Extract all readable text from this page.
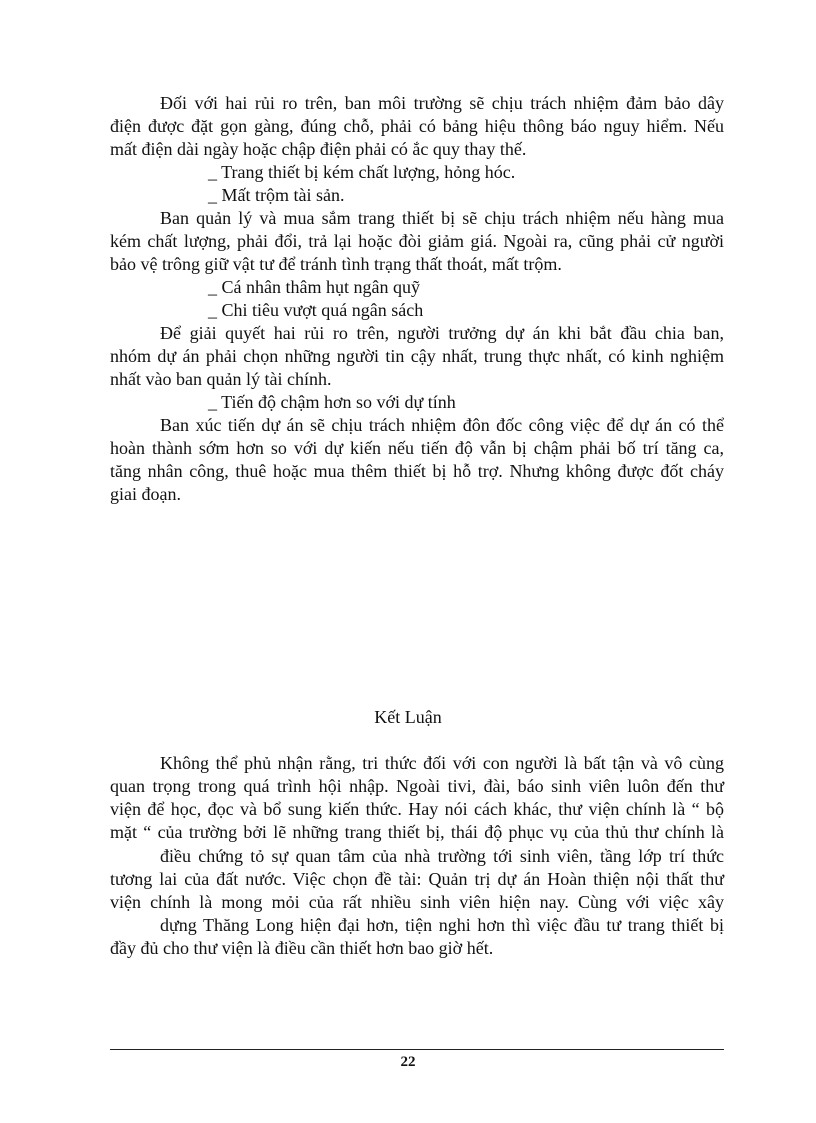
Đối với hai rủi ro trên, ban môi trường sẽ chịu trách nhiệm đảm bảo dây
điện được đặt gọn gàng, đúng chỗ, phải có bảng hiệu thông báo nguy hiểm. Nếu
mất điện dài ngày hoặc chập điện phải có ắc quy thay thế.
_ Trang thiết bị kém chất lượng, hỏng hóc.
_ Mất trộm tài sản.
Ban quản lý và mua sắm trang thiết bị sẽ chịu trách nhiệm nếu hàng mua
kém chất lượng, phải đổi, trả lại hoặc đòi giảm giá. Ngoài ra, cũng phải cử người
bảo vệ trông giữ vật tư để tránh tình trạng thất thoát, mất trộm.
_ Cá nhân thâm hụt ngân quỹ
_ Chi tiêu vượt quá ngân sách
Để giải quyết hai rủi ro trên, người trưởng dự án khi bắt đầu chia ban,
nhóm dự án phải chọn những người tin cậy nhất, trung thực nhất, có kinh nghiệm
nhất vào ban quản lý tài chính.
_ Tiến độ chậm hơn so với dự tính
Ban xúc tiến dự án sẽ chịu trách nhiệm đôn đốc công việc để dự án có thể
hoàn thành sớm hơn so với dự kiến nếu tiến độ vẫn bị chậm phải bố trí tăng ca,
tăng nhân công, thuê hoặc mua thêm thiết bị hỗ trợ. Nhưng không được đốt cháy
giai đoạn.
Kết Luận
Không thể phủ nhận rằng, tri thức đối với con người là bất tận và vô cùng
quan trọng trong quá trình hội nhập. Ngoài tivi, đài, báo sinh viên luôn đến thư
viện để học, đọc và bổ sung kiến thức. Hay nói cách khác, thư viện chính là “ bộ
mặt “ của trường bởi lẽ những trang thiết bị, thái độ phục vụ của thủ thư chính là
điều chứng tỏ sự quan tâm của nhà trường tới sinh viên, tầng lớp trí thức
tương lai của đất nước. Việc chọn đề tài: Quản trị dự án Hoàn thiện nội thất thư
viện chính là mong mỏi của rất nhiều sinh viên hiện nay. Cùng với việc xây
dựng Thăng Long hiện đại hơn, tiện nghi hơn thì việc đầu tư trang thiết bị
đầy đủ cho thư viện là điều cần thiết hơn bao giờ hết.
22
